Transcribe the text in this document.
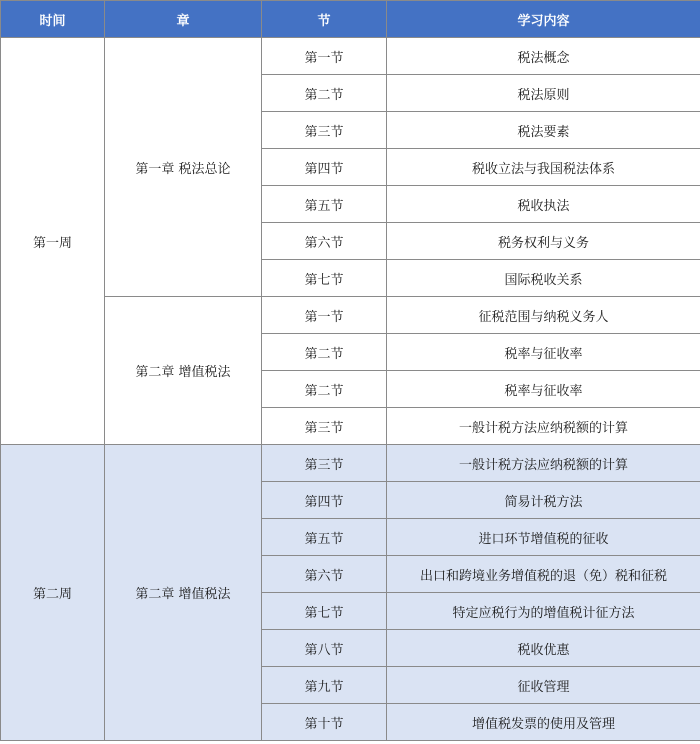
时间	章	节	学习内容
第一周	第一章 税法总论	第一节	税法概念
		第二节	税法原则
		第三节	税法要素
		第四节	税收立法与我国税法体系
		第五节	税收执法
		第六节	税务权利与义务
		第七节	国际税收关系
	第二章 增值税法	第一节	征税范围与纳税义务人
		第二节	税率与征收率
		第二节	税率与征收率
		第三节	一般计税方法应纳税额的计算
第二周	第二章 增值税法	第三节	一般计税方法应纳税额的计算
		第四节	简易计税方法
		第五节	进口环节增值税的征收
		第六节	出口和跨境业务增值税的退（免）税和征税
		第七节	特定应税行为的增值税计征方法
		第八节	税收优惠
		第九节	征收管理
		第十节	增值税发票的使用及管理
